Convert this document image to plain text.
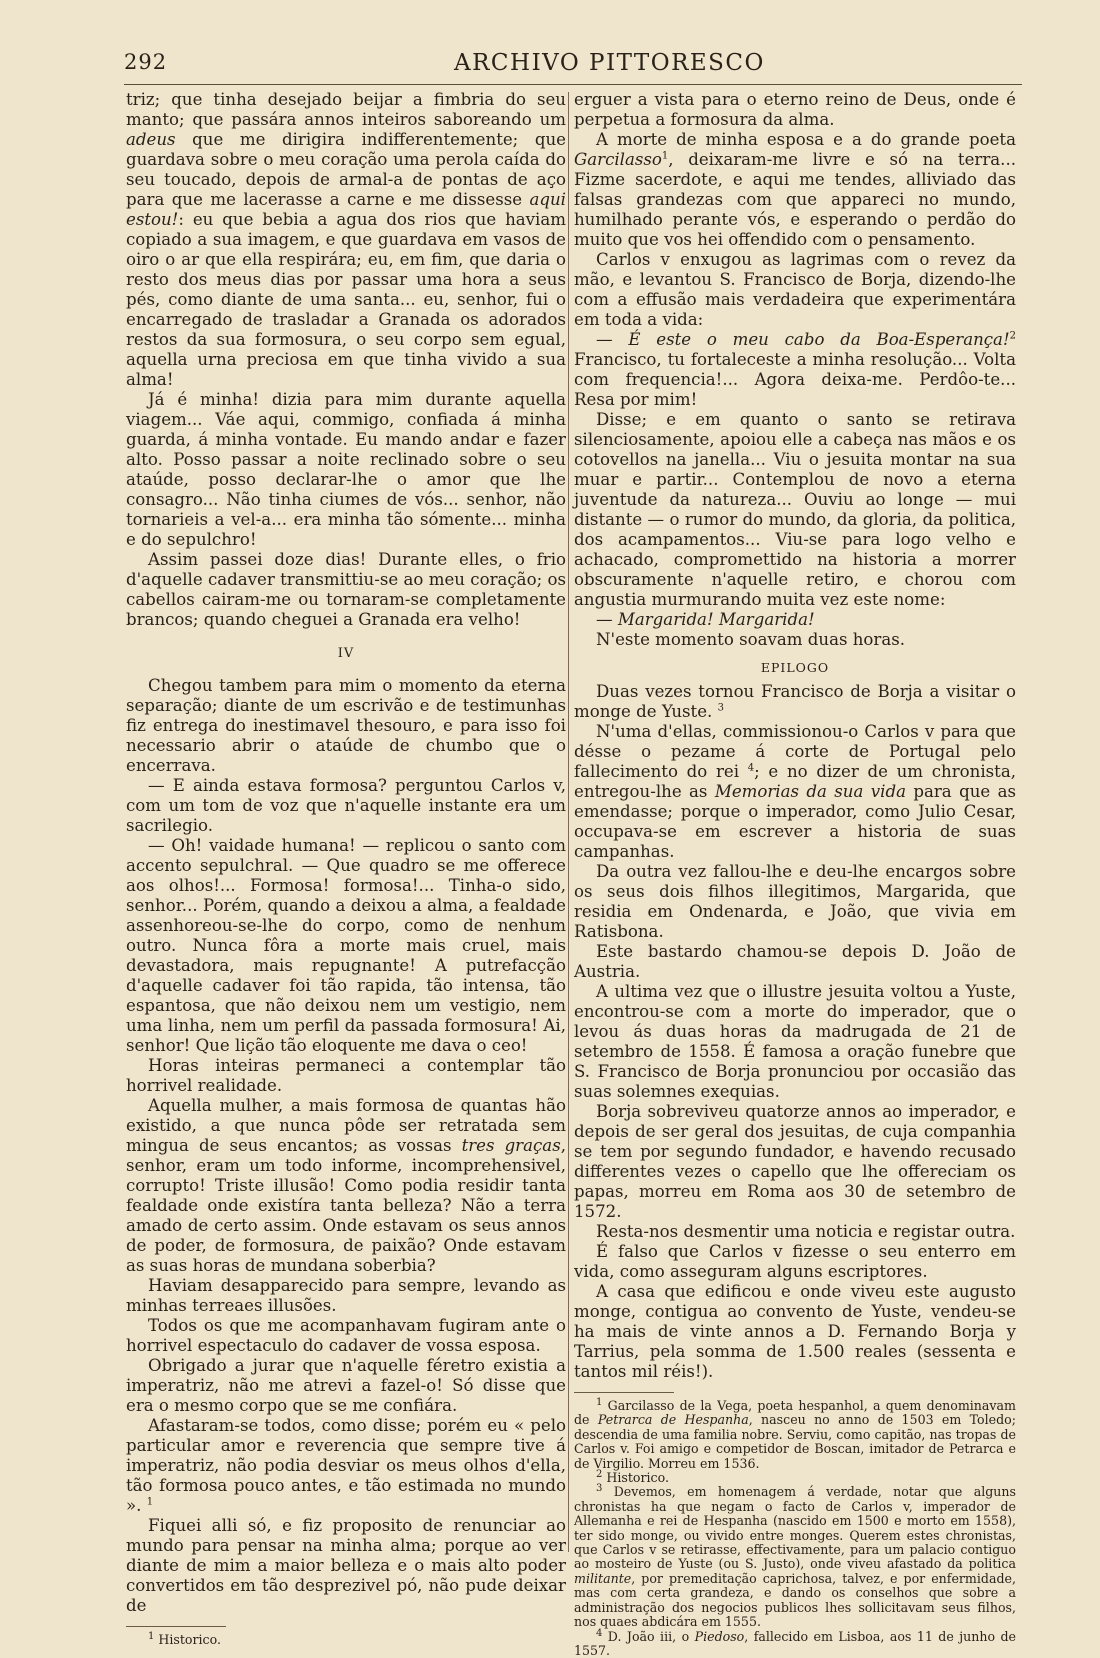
292	ARCHIVO PITTORESCO

triz; que tinha desejado beijar a fimbria do seu manto; que passára annos inteiros saboreando um adeus que me dirigira indifferentemente; que guardava sobre o meu coração uma perola caída do seu toucado, depois de armal-a de pontas de aço para que me lacerasse a carne e me dissesse aqui estou!: eu que bebia a agua dos rios que haviam copiado a sua imagem, e que guardava em vasos de oiro o ar que ella respirára; eu, em fim, que daria o resto dos meus dias por passar uma hora a seus pés, como diante de uma santa... eu, senhor, fui o encarregado de trasladar a Granada os adorados restos da sua formosura, o seu corpo sem egual, aquella urna preciosa em que tinha vivido a sua alma!

Já é minha! dizia para mim durante aquella viagem... Váe aqui, commigo, confiada á minha guarda, á minha vontade. Eu mando andar e fazer alto. Posso passar a noite reclinado sobre o seu ataúde, posso declarar-lhe o amor que lhe consagro... Não tinha ciumes de vós... senhor, não tornarieis a vel-a... era minha tão sómente... minha e do sepulchro!

Assim passei doze dias! Durante elles, o frio d'aquelle cadaver transmittiu-se ao meu coração; os cabellos cairam-me ou tornaram-se completamente brancos; quando cheguei a Granada era velho!

IV

Chegou tambem para mim o momento da eterna separação; diante de um escrivão e de testimunhas fiz entrega do inestimavel thesouro, e para isso foi necessario abrir o ataúde de chumbo que o encerrava.

— E ainda estava formosa? perguntou Carlos v, com um tom de voz que n'aquelle instante era um sacrilegio.

— Oh! vaidade humana! — replicou o santo com accento sepulchral. — Que quadro se me offerece aos olhos!... Formosa! formosa!... Tinha-o sido, senhor... Porém, quando a deixou a alma, a fealdade assenhoreou-se-lhe do corpo, como de nenhum outro. Nunca fôra a morte mais cruel, mais devastadora, mais repugnante! A putrefacção d'aquelle cadaver foi tão rapida, tão intensa, tão espantosa, que não deixou nem um vestigio, nem uma linha, nem um perfil da passada formosura! Ai, senhor! Que lição tão eloquente me dava o ceo!

Horas inteiras permaneci a contemplar tão horrivel realidade.

Aquella mulher, a mais formosa de quantas hão existido, a que nunca pôde ser retratada sem mingua de seus encantos; as vossas tres graças, senhor, eram um todo informe, incomprehensivel, corrupto! Triste illusão! Como podia residir tanta fealdade onde existíra tanta belleza? Não a terra amado de certo assim. Onde estavam os seus annos de poder, de formosura, de paixão? Onde estavam as suas horas de mundana soberbia?

Haviam desapparecido para sempre, levando as minhas terreaes illusões.

Todos os que me acompanhavam fugiram ante o horrivel espectaculo do cadaver de vossa esposa.

Obrigado a jurar que n'aquelle féretro existia a imperatriz, não me atrevi a fazel-o! Só disse que era o mesmo corpo que se me confiára.

Afastaram-se todos, como disse; porém eu « pelo particular amor e reverencia que sempre tive á imperatriz, não podia desviar os meus olhos d'ella, tão formosa pouco antes, e tão estimada no mundo ». $^1$

Fiquei alli só, e fiz proposito de renunciar ao mundo para pensar na minha alma; porque ao ver diante de mim a maior belleza e o mais alto poder convertidos em tão desprezivel pó, não pude deixar de

$^1$ Historico.

erguer a vista para o eterno reino de Deus, onde é perpetua a formosura da alma.

A morte de minha esposa e a do grande poeta Garcilasso$^1$, deixaram-me livre e só na terra... Fizme sacerdote, e aqui me tendes, alliviado das falsas grandezas com que appareci no mundo, humilhado perante vós, e esperando o perdão do muito que vos hei offendido com o pensamento.

Carlos v enxugou as lagrimas com o revez da mão, e levantou S. Francisco de Borja, dizendo-lhe com a effusão mais verdadeira que experimentára em toda a vida:

— É este o meu cabo da Boa-Esperança!$^2$ Francisco, tu fortaleceste a minha resolução... Volta com frequencia!... Agora deixa-me. Perdôo-te... Resa por mim!

Disse; e em quanto o santo se retirava silenciosamente, apoiou elle a cabeça nas mãos e os cotovellos na janella... Viu o jesuita montar na sua muar e partir... Contemplou de novo a eterna juventude da natureza... Ouviu ao longe — mui distante — o rumor do mundo, da gloria, da politica, dos acampamentos... Viu-se para logo velho e achacado, compromettido na historia a morrer obscuramente n'aquelle retiro, e chorou com angustia murmurando muita vez este nome:

— Margarida! Margarida!

N'este momento soavam duas horas.

EPILOGO

Duas vezes tornou Francisco de Borja a visitar o monge de Yuste. $^3$

N'uma d'ellas, commissionou-o Carlos v para que désse o pezame á corte de Portugal pelo fallecimento do rei $^4$; e no dizer de um chronista, entregou-lhe as Memorias da sua vida para que as emendasse; porque o imperador, como Julio Cesar, occupava-se em escrever a historia de suas campanhas.

Da outra vez fallou-lhe e deu-lhe encargos sobre os seus dois filhos illegitimos, Margarida, que residia em Ondenarda, e João, que vivia em Ratisbona.

Este bastardo chamou-se depois D. João de Austria.

A ultima vez que o illustre jesuita voltou a Yuste, encontrou-se com a morte do imperador, que o levou ás duas horas da madrugada de 21 de setembro de 1558. É famosa a oração funebre que S. Francisco de Borja pronunciou por occasião das suas solemnes exequias.

Borja sobreviveu quatorze annos ao imperador, e depois de ser geral dos jesuitas, de cuja companhia se tem por segundo fundador, e havendo recusado differentes vezes o capello que lhe offereciam os papas, morreu em Roma aos 30 de setembro de 1572.

Resta-nos desmentir uma noticia e registar outra.

É falso que Carlos v fizesse o seu enterro em vida, como asseguram alguns escriptores.

A casa que edificou e onde viveu este augusto monge, contigua ao convento de Yuste, vendeu-se ha mais de vinte annos a D. Fernando Borja y Tarrius, pela somma de 1.500 reales (sessenta e tantos mil réis!).

$^1$ Garcilasso de la Vega, poeta hespanhol, a quem denominavam de Petrarca de Hespanha, nasceu no anno de 1503 em Toledo; descendia de uma familia nobre. Serviu, como capitão, nas tropas de Carlos v. Foi amigo e competidor de Boscan, imitador de Petrarca e de Virgilio. Morreu em 1536.

$^2$ Historico.

$^3$ Devemos, em homenagem á verdade, notar que alguns chronistas ha que negam o facto de Carlos v, imperador de Allemanha e rei de Hespanha (nascido em 1500 e morto em 1558), ter sido monge, ou vivido entre monges. Querem estes chronistas, que Carlos v se retirasse, effectivamente, para um palacio contiguo ao mosteiro de Yuste (ou S. Justo), onde viveu afastado da politica militante, por premeditação caprichosa, talvez, e por enfermidade, mas com certa grandeza, e dando os conselhos que sobre a administração dos negocios publicos lhes sollicitavam seus filhos, nos quaes abdicára em 1555.

$^4$ D. João iii, o Piedoso, fallecido em Lisboa, aos 11 de junho de 1557.
